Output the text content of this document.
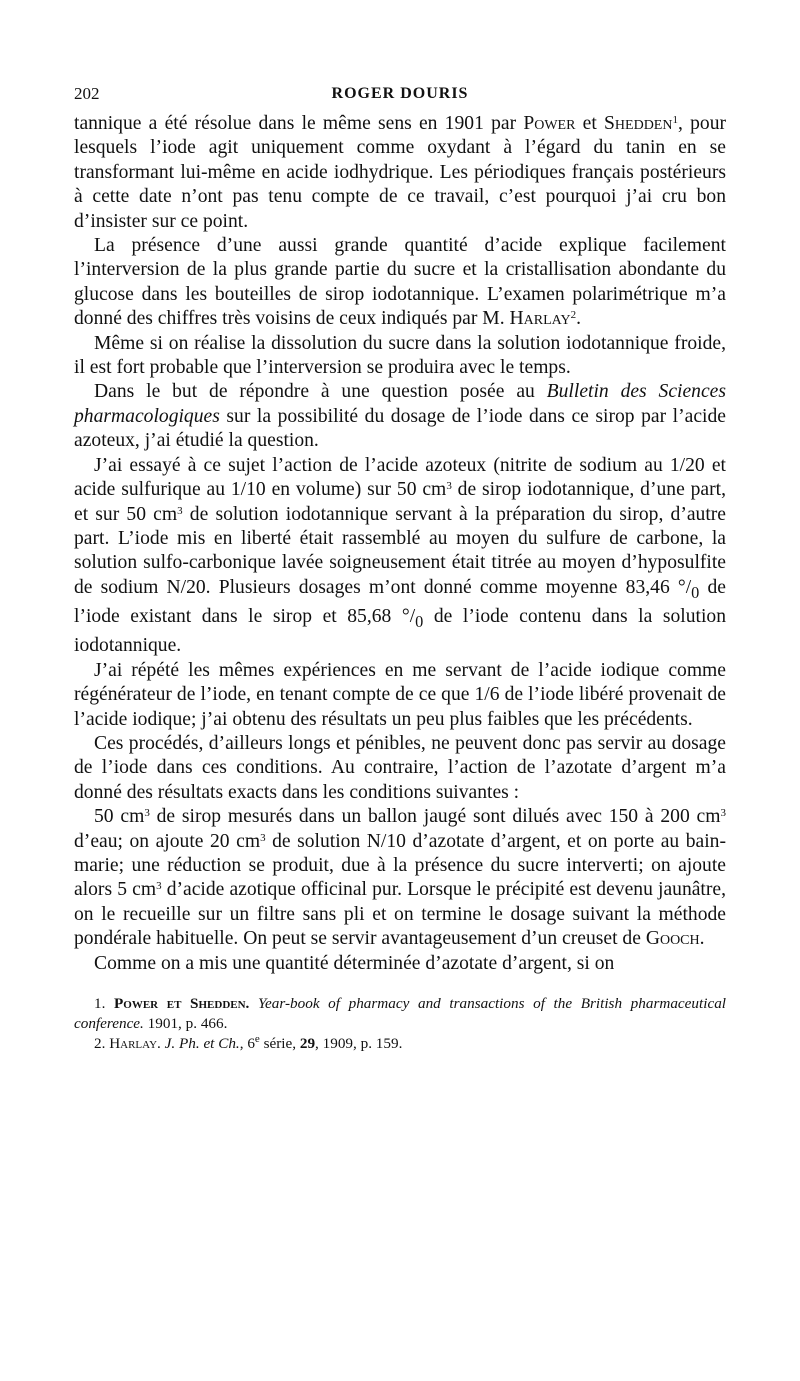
202	ROGER DOURIS

tannique a été résolue dans le même sens en 1901 par Power et Shedden$^1$, pour lesquels l’iode agit uniquement comme oxydant à l’égard du tanin en se transformant lui-même en acide iodhydrique. Les périodiques français postérieurs à cette date n’ont pas tenu compte de ce travail, c’est pourquoi j’ai cru bon d’insister sur ce point.

La présence d’une aussi grande quantité d’acide explique facilement l’interversion de la plus grande partie du sucre et la cristallisation abondante du glucose dans les bouteilles de sirop iodotannique. L’examen polarimétrique m’a donné des chiffres très voisins de ceux indiqués par M. Harlay$^2$.

Même si on réalise la dissolution du sucre dans la solution iodotannique froide, il est fort probable que l’interversion se produira avec le temps.

Dans le but de répondre à une question posée au Bulletin des Sciences pharmacologiques sur la possibilité du dosage de l’iode dans ce sirop par l’acide azoteux, j’ai étudié la question.

J’ai essayé à ce sujet l’action de l’acide azoteux (nitrite de sodium au 1/20 et acide sulfurique au 1/10 en volume) sur 50 $cm^3$ de sirop iodotannique, d’une part, et sur 50 $cm^3$ de solution iodotannique servant à la préparation du sirop, d’autre part. L’iode mis en liberté était rassemblé au moyen du sulfure de carbone, la solution sulfo-carbonique lavée soigneusement était titrée au moyen d’hyposulfite de sodium N/20. Plusieurs dosages m’ont donné comme moyenne 83,46 $^\circ/_0$ de l’iode existant dans le sirop et 85,68 $^\circ/_0$ de l’iode contenu dans la solution iodotannique.

J’ai répété les mêmes expériences en me servant de l’acide iodique comme régénérateur de l’iode, en tenant compte de ce que 1/6 de l’iode libéré provenait de l’acide iodique; j’ai obtenu des résultats un peu plus faibles que les précédents.

Ces procédés, d’ailleurs longs et pénibles, ne peuvent donc pas servir au dosage de l’iode dans ces conditions. Au contraire, l’action de l’azotate d’argent m’a donné des résultats exacts dans les conditions suivantes :

50 $cm^3$ de sirop mesurés dans un ballon jaugé sont dilués avec 150 à 200 $cm^3$ d’eau; on ajoute 20 $cm^3$ de solution N/10 d’azotate d’argent, et on porte au bain-marie; une réduction se produit, due à la présence du sucre interverti; on ajoute alors 5 $cm^3$ d’acide azotique officinal pur. Lorsque le précipité est devenu jaunâtre, on le recueille sur un filtre sans pli et on termine le dosage suivant la méthode pondérale habituelle. On peut se servir avantageusement d’un creuset de Gooch.

Comme on a mis une quantité déterminée d’azotate d’argent, si on

1. Power et Shedden. Year-book of pharmacy and transactions of the British pharmaceutical conference. 1901, p. 466.

2. Harlay. J. Ph. et Ch., 6e série, 29, 1909, p. 159.
